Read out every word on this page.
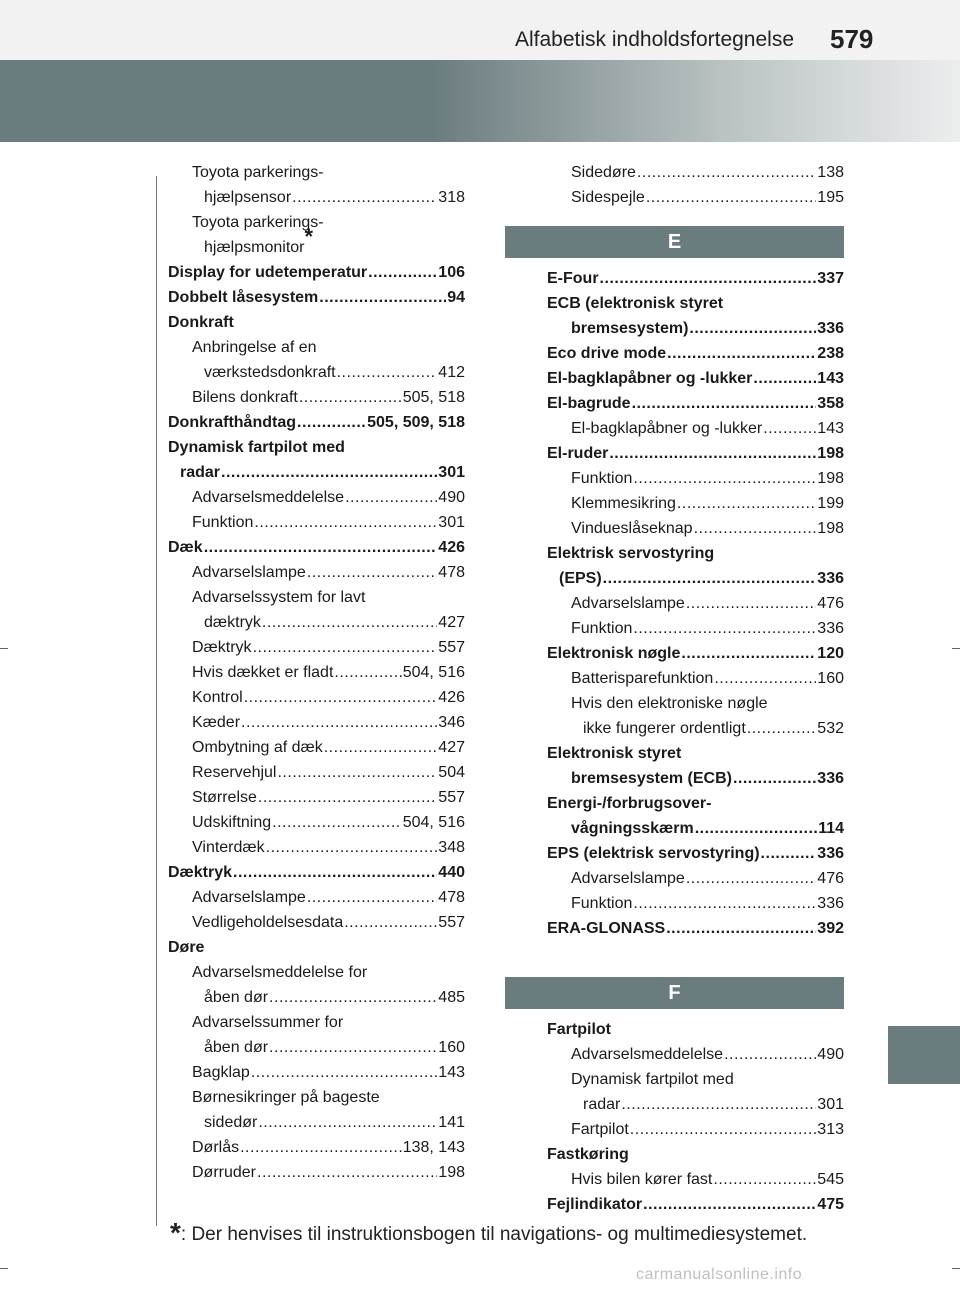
Alfabetisk indholdsfortegnelse 579
Toyota parkerings-
hjælpsensor .....	318
Toyota parkerings-
hjælpsmonitor*
Display for udetemperatur .....	106
Dobbelt låsesystem .....	94
Donkraft
Anbringelse af en
værkstedsdonkraft .....	412
Bilens donkraft .....	505, 518
Donkrafthåndtag .....	505, 509, 518
Dynamisk fartpilot med
radar .....	301
Advarselsmeddelelse .....	490
Funktion .....	301
Dæk .....	426
Advarselslampe .....	478
Advarselssystem for lavt
dæktryk .....	427
Dæktryk .....	557
Hvis dækket er fladt .....	504, 516
Kontrol .....	426
Kæder .....	346
Ombytning af dæk .....	427
Reservehjul .....	504
Størrelse .....	557
Udskiftning .....	504, 516
Vinterdæk .....	348
Dæktryk .....	440
Advarselslampe .....	478
Vedligeholdelsesdata .....	557
Døre
Advarselsmeddelelse for
åben dør .....	485
Advarselssummer for
åben dør .....	160
Bagklap .....	143
Børnesikringer på bageste
sidedør .....	141
Dørlås .....	138, 143
Dørruder .....	198
Sidedøre .....	138
Sidespejle .....	195
E
E-Four .....	337
ECB (elektronisk styret
bremsesystem) .....	336
Eco drive mode .....	238
El-bagklapåbner og -lukker .....	143
El-bagrude .....	358
El-bagklapåbner og -lukker .....	143
El-ruder .....	198
Funktion .....	198
Klemmesikring .....	199
Vindueslåseknap .....	198
Elektrisk servostyring
(EPS) .....	336
Advarselslampe .....	476
Funktion .....	336
Elektronisk nøgle .....	120
Batterisparefunktion .....	160
Hvis den elektroniske nøgle
ikke fungerer ordentligt .....	532
Elektronisk styret
bremsesystem (ECB) .....	336
Energi-/forbrugsover-
vågningsskærm .....	114
EPS (elektrisk servostyring) .....	336
Advarselslampe .....	476
Funktion .....	336
ERA-GLONASS .....	392
F
Fartpilot
Advarselsmeddelelse .....	490
Dynamisk fartpilot med
radar .....	301
Fartpilot .....	313
Fastkøring
Hvis bilen kører fast .....	545
Fejlindikator .....	475
*: Der henvises til instruktionsbogen til navigations- og multimediesystemet.
carmanualsonline.info
